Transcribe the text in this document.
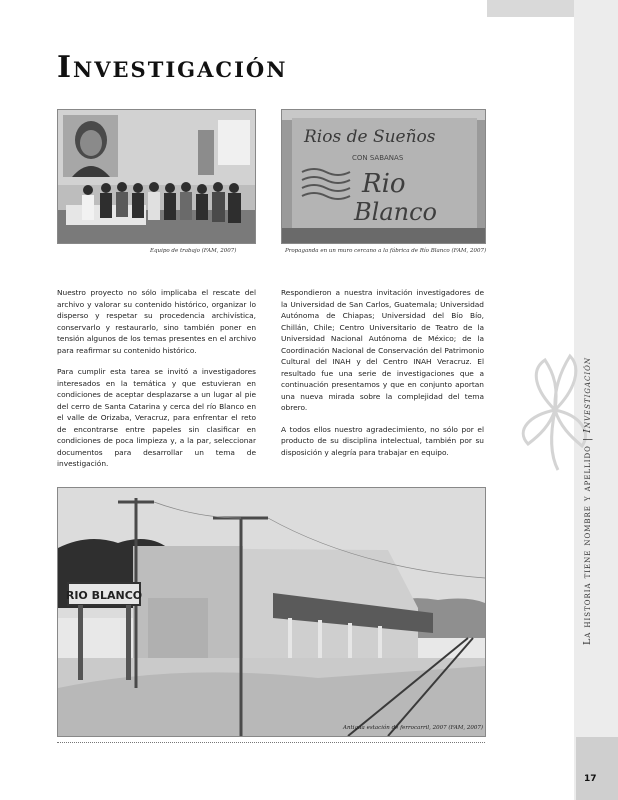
Investigación
Equipo de trabajo (FAM, 2007)
Rios de Sueños
CON SABANAS
Rio
Blanco
Propaganda en un muro cercano a la fábrica de Río Blanco (FAM, 2007)

Nuestro proyecto no sólo implicaba el rescate del archivo y valorar su contenido histórico, organizar lo disperso y respetar su procedencia archivística, conservarlo y restaurarlo, sino también poner en tensión algunos de los temas presentes en el archivo para reafirmar su contenido histórico.

Para cumplir esta tarea se invitó a investigadores interesados en la temática y que estuvieran en condiciones de aceptar desplazarse a un lugar al pie del cerro de Santa Catarina y cerca del río Blanco en el valle de Orizaba, Veracruz, para enfrentar el reto de encontrarse entre papeles sin clasificar en condiciones de poca limpieza y, a la par, seleccionar documentos para desarrollar un tema de investigación.

Respondieron a nuestra invitación investigadores de la Universidad de San Carlos, Guatemala; Universidad Autónoma de Chiapas; Universidad del Bío Bío, Chillán, Chile; Centro Universitario de Teatro de la Universidad Nacional Autónoma de México; de la Coordinación Nacional de Conservación del Patrimonio Cultural del INAH y del Centro INAH Veracruz. El resultado fue una serie de investigaciones que a continuación presentamos y que en conjunto aportan una nueva mirada sobre la complejidad del tema obrero.

A todos ellos nuestro agradecimiento, no sólo por el producto de su disciplina intelectual, también por su disposición y alegría para trabajar en equipo.	La historia tiene nombre y apellido | Investigación
RIO BLANCO
Antigua estación de ferrocarril, 2007 (FAM, 2007)
17
